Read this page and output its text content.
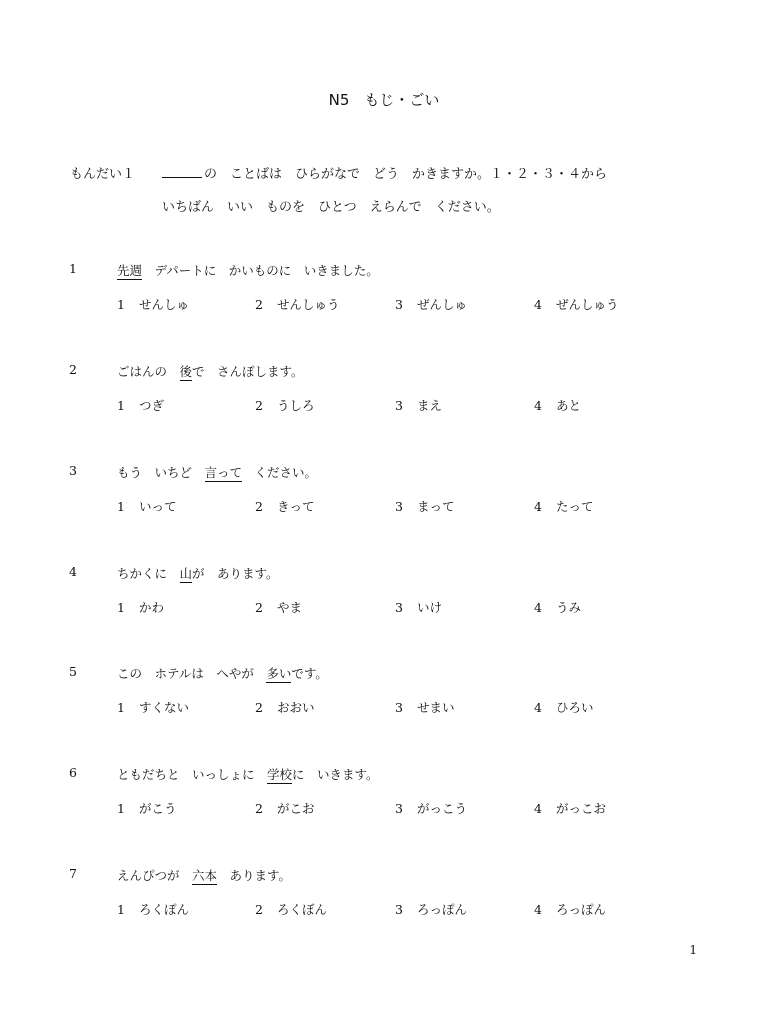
N5　もじ・ごい
もんだい１	の　ことばは　ひらがなで　どう　かきますか。１・２・３・４から
いちばん　いい　ものを　ひとつ　えらんで　ください。
1	先週　デパートに　かいものに　いきました。
1 せんしゅ	2 せんしゅう	3 ぜんしゅ	4 ぜんしゅう
2	ごはんの　後で　さんぽします。
1 つぎ	2 うしろ	3 まえ	4 あと
3	もう　いちど　言って　ください。
1 いって	2 きって	3 まって	4 たって
4	ちかくに　山が　あります。
1 かわ	2 やま	3 いけ	4 うみ
5	この　ホテルは　へやが　多いです。
1 すくない	2 おおい	3 せまい	4 ひろい
6	ともだちと　いっしょに　学校に　いきます。
1 がこう	2 がこお	3 がっこう	4 がっこお
7	えんぴつが　六本　あります。
1 ろくぽん	2 ろくぼん	3 ろっぽん	4 ろっぽん
1
